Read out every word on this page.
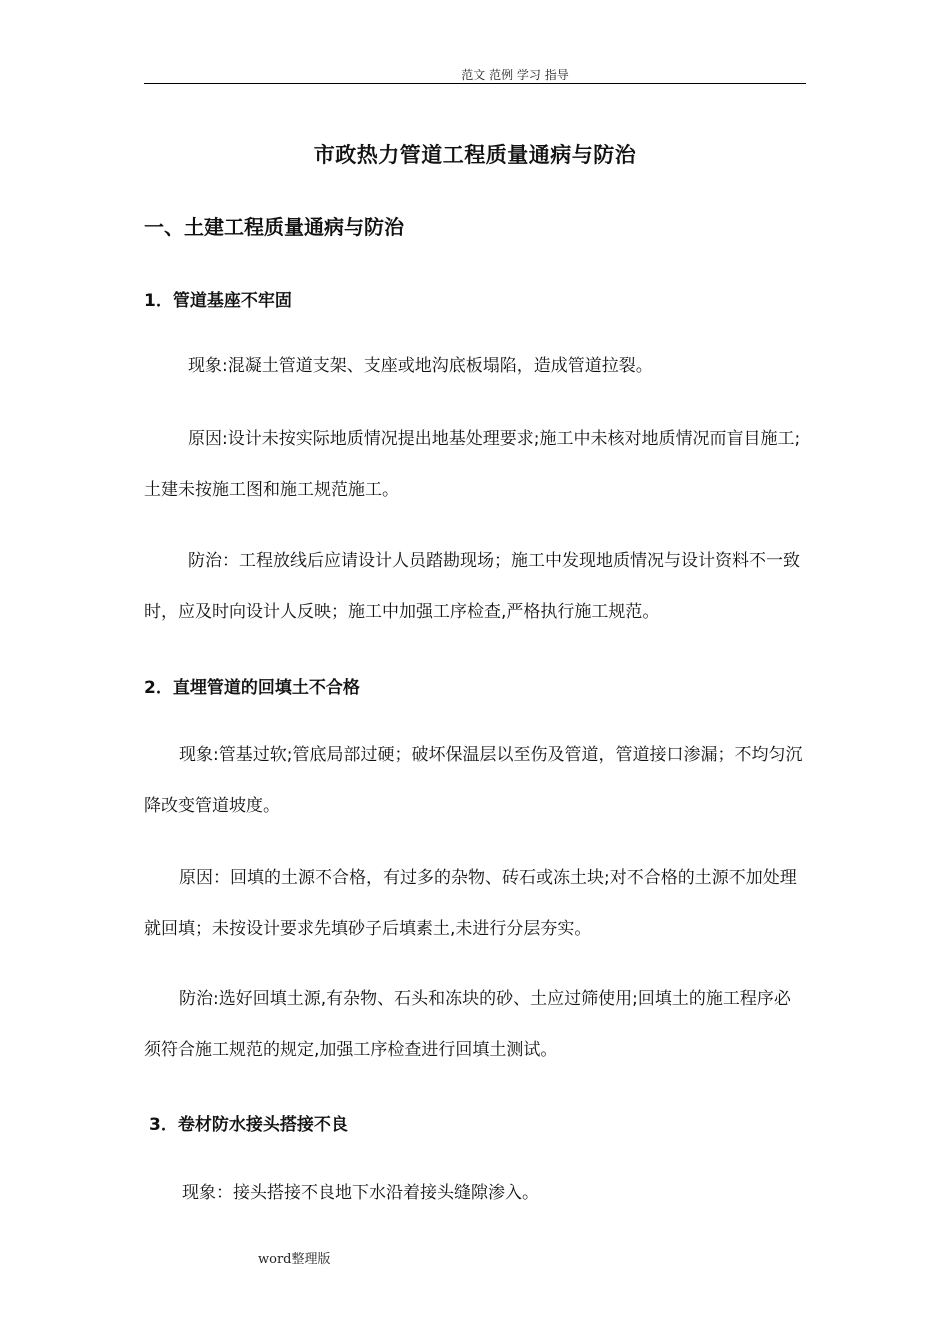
范文 范例 学习 指导
市政热力管道工程质量通病与防治
一、土建工程质量通病与防治
1．管道基座不牢固
现象:混凝土管道支架、支座或地沟底板塌陷，造成管道拉裂。
原因:设计未按实际地质情况提出地基处理要求;施工中未核对地质情况而盲目施工;土建未按施工图和施工规范施工。
防治：工程放线后应请设计人员踏勘现场；施工中发现地质情况与设计资料不一致时，应及时向设计人反映；施工中加强工序检查,严格执行施工规范。
2．直埋管道的回填土不合格
现象:管基过软;管底局部过硬；破坏保温层以至伤及管道，管道接口渗漏；不均匀沉降改变管道坡度。
原因：回填的土源不合格，有过多的杂物、砖石或冻土块;对不合格的土源不加处理就回填；未按设计要求先填砂子后填素土,未进行分层夯实。
防治:选好回填土源,有杂物、石头和冻块的砂、土应过筛使用;回填土的施工程序必须符合施工规范的规定,加强工序检查进行回填土测试。
3．卷材防水接头搭接不良
现象：接头搭接不良地下水沿着接头缝隙渗入。
word整理版
